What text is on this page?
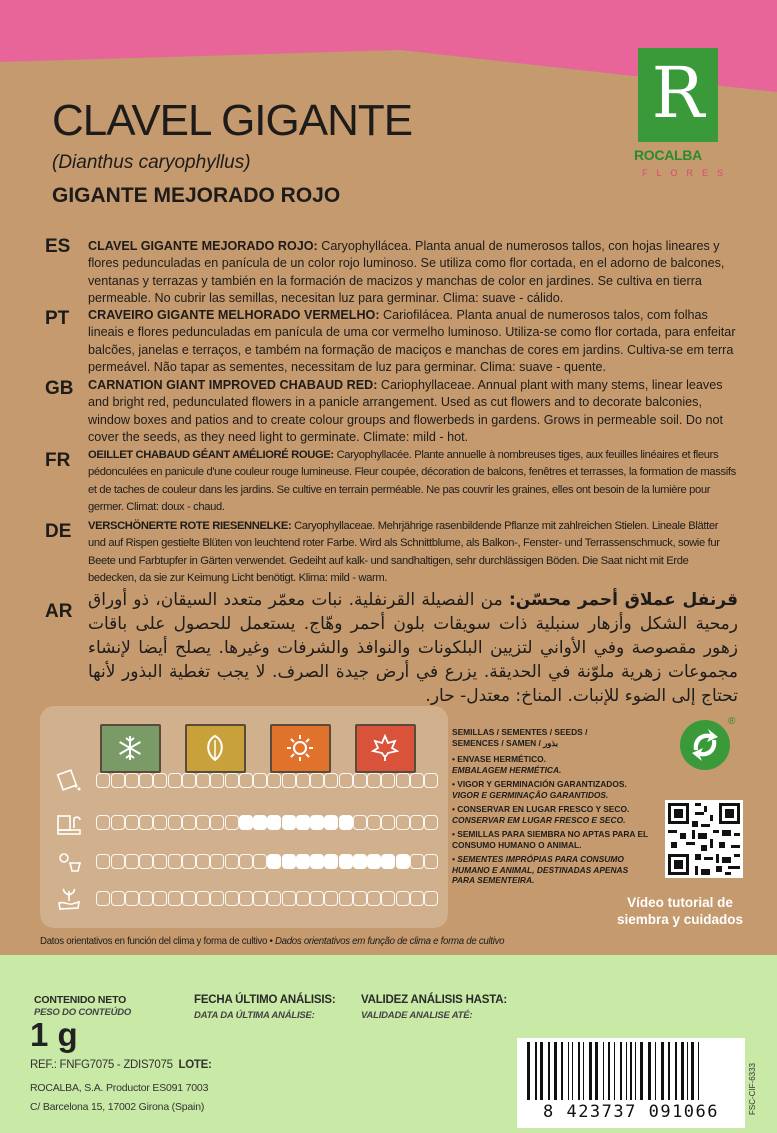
CLAVEL GIGANTE
(Dianthus caryophyllus)
GIGANTE MEJORADO ROJO
R
ROCALBA
FLORES
ES	CLAVEL GIGANTE MEJORADO ROJO: Caryophyllácea. Planta anual de numerosos tallos, con hojas lineares y flores pedunculadas en panícula de un color rojo luminoso. Se utiliza como flor cortada, en el adorno de balcones, ventanas y terrazas y también en la formación de macizos y manchas de color en jardines. Se cultiva en tierra permeable. No cubrir las semillas, necesitan luz para germinar. Clima: suave - cálido.
PT	CRAVEIRO GIGANTE MELHORADO VERMELHO: Cariofilácea. Planta anual de numerosos talos, com folhas lineais e flores pedunculadas em panícula de uma cor vermelho luminoso. Utiliza-se como flor cortada, para enfeitar balcões, janelas e terraços, e também na formação de maciços e manchas de cores em jardins. Cultiva-se em terra permeável. Não tapar as sementes, necessitam de luz para germinar. Clima: suave - quente.
GB	CARNATION GIANT IMPROVED CHABAUD RED: Cariophyllaceae. Annual plant with many stems, linear leaves and bright red, pedunculated flowers in a panicle arrangement. Used as cut flowers and to decorate balconies, window boxes and patios and to create colour groups and flowerbeds in gardens. Grows in permeable soil. Do not cover the seeds, as they need light to germinate. Climate: mild - hot.
FR	OEILLET CHABAUD GÉANT AMÉLIORÉ ROUGE: Caryophyllacée. Plante annuelle à nombreuses tiges, aux feuilles linéaires et fleurs pédonculées en panicule d'une couleur rouge lumineuse. Fleur coupée, décoration de balcons, fenêtres et terrasses, la formation de massifs et de taches de couleur dans les jardins. Se cultive en terrain perméable. Ne pas couvrir les graines, elles ont besoin de la lumière pour germer. Climat: doux - chaud.
DE	VERSCHÖNERTE ROTE RIESENNELKE: Caryophyllaceae. Mehrjährige rasenbildende Pflanze mit zahlreichen Stielen. Lineale Blätter und auf Rispen gestielte Blüten von leuchtend roter Farbe. Wird als Schnittblume, als Balkon-, Fenster- und Terrassenschmuck, sowie fur Beete und Farbtupfer in Gärten verwendet. Gedeiht auf kalk- und sandhaltigen, sehr durchlässigen Böden. Die Saat nicht mit Erde bedecken, da sie zur Keimung Licht benötigt. Klima: mild - warm.
AR
قرنفل عملاق أحمر محسّن: من الفصيلة القرنفلية. نبات معمّر متعدد السيقان، ذو أوراق رمحية الشكل وأزهار سنبلية ذات سويقات بلون أحمر وهّاج. يستعمل للحصول على باقات زهور مقصوصة وفي الأواني لتزيين البلكونات والنوافذ والشرفات وغيرها. يصلح أيضا لإنشاء مجموعات زهرية ملوّنة في الحديقة. يزرع في أرض جيدة الصرف. لا يجب تغطية البذور لأنها تحتاج إلى الضوء للإنبات. المناخ: معتدل- حار.
SEMILLAS / SEMENTES / SEEDS /
SEMENCES / SAMEN / بذور
• ENVASE HERMÉTICO.
EMBALAGEM HERMÉTICA.
• VIGOR Y GERMINACIÓN GARANTIZADOS.
VIGOR E GERMINAÇÃO GARANTIDOS.
• CONSERVAR EN LUGAR FRESCO Y SECO.
CONSERVAR EM LUGAR FRESCO E SECO.
• SEMILLAS PARA SIEMBRA NO APTAS PARA EL CONSUMO HUMANO O ANIMAL.
• SEMENTES IMPRÓPIAS PARA CONSUMO HUMANO E ANIMAL, DESTINADAS APENAS PARA SEMENTEIRA.
®
Vídeo tutorial de
siembra y cuidados
Datos orientativos en función del clima y forma de cultivo • Dados orientativos em função de clima e forma de cultivo
CONTENIDO NETO
PESO DO CONTEÚDO
1 g
FECHA ÚLTIMO ANÁLISIS:
DATA DA ÚLTIMA ANÁLISE:
VALIDEZ ANÁLISIS HASTA:
VALIDADE ANALISE ATÉ:
REF.: FNFG7075 - ZDIS7075 LOTE:
ROCALBA, S.A. Productor ES091 7003
C/ Barcelona 15, 17002 Girona (Spain)	8 423737 091066	FSC-CIF-6333
